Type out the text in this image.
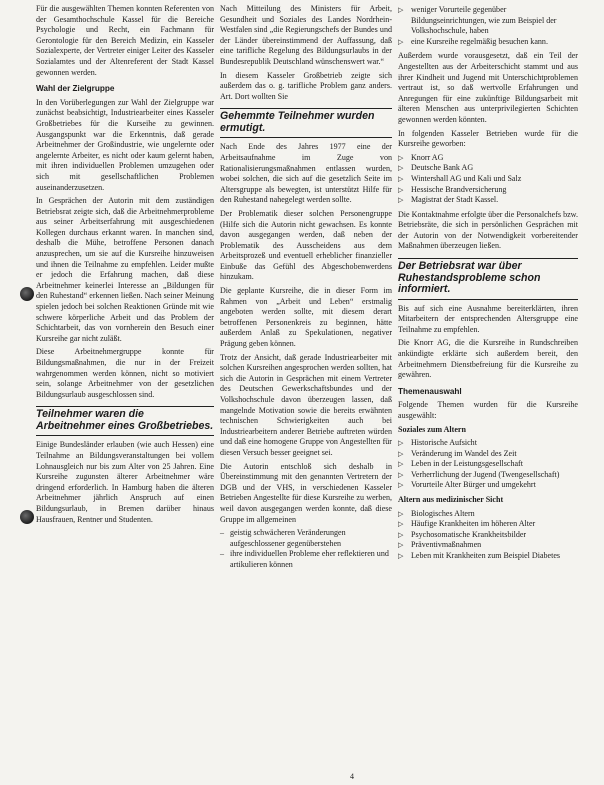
Für die ausgewählten Themen konnten Referenten von der Gesamthochschule Kassel für die Bereiche Psychologie und Recht, ein Fachmann für Gerontologie für den Bereich Medizin, ein Kasseler Sozialexperte, der Vertreter einiger Leiter des Kasseler Sozialamtes und der Altenreferent der Stadt Kassel gewonnen werden.

Wahl der Zielgruppe

In den Vorüberlegungen zur Wahl der Zielgruppe war zunächst beabsichtigt, Industriearbeiter eines Kasseler Großbetriebes für die Kurseihe zu gewinnen. Ausgangspunkt war die Erkenntnis, daß gerade Arbeitnehmer der Großindustrie, wie ungelernte oder angelernte Arbeiter, es nicht oder kaum gelernt haben, mit ihren individuellen Problemen umzugehen oder sich mit gesellschaftlichen Problemen auseinanderzusetzen.

In Gesprächen der Autorin mit dem zuständigen Betriebsrat zeigte sich, daß die Arbeitnehmerprobleme aus seiner Arbeitserfahrung mit ausgeschiedenen Kollegen durchaus erkannt waren. In manchen sind, deshalb die Mühe, betroffene Personen danach anzusprechen, um sie auf die Kursreihe hinzuweisen und ihnen die Teilnahme zu empfehlen. Leider mußte er jedoch die Erfahrung machen, daß diese Arbeitnehmer keinerlei Interesse an „Bildungen für den Ruhestand“ erkennen ließen. Nach seiner Meinung spielen jedoch bei solchen Reaktionen Gründe mit wie schwere körperliche Arbeit und das Problem der Schichtarbeit, das von vornherein den Besuch einer Kursreihe gar nicht zuläßt.

Diese Arbeitnehmergruppe konnte für Bildungsmaßnahmen, die nur in der Freizeit wahrgenommen werden können, nicht so motiviert sein, solange Arbeitnehmer von der gesetzlichen Bildungsurlaub ausgeschlossen sind.

Teilnehmer waren die Arbeitnehmer eines Großbetriebes.

Einige Bundesländer erlauben (wie auch Hessen) eine Teilnahme an Bildungsveranstaltungen bei vollem Lohnausgleich nur bis zum Alter von 25 Jahren. Eine Kursreihe zugunsten älterer Arbeitnehmer wäre dringend erforderlich. In Hamburg haben die älteren Arbeitnehmer jährlich Anspruch auf einen Bildungsurlaub, in Bremen darüber hinaus Hausfrauen, Rentner und Studenten.

Nach Mitteilung des Ministers für Arbeit, Gesundheit und Soziales des Landes Nordrhein-Westfalen sind „die Regierungschefs der Bundes und der Länder übereinstimmend der Auffassung, daß eine tarifliche Regelung des Bildungsurlaubs in der Bundesrepublik Deutschland wünschenswert war.“

In diesem Kasseler Großbetrieb zeigte sich außerdem das o. g. tarifliche Problem ganz anders. Art. Dort wollten Sie

Gehemmte Teilnehmer wurden ermutigt.

Nach Ende des Jahres 1977 eine der Arbeitsaufnahme im Zuge von Rationalisierungsmaßnahmen entlassen wurden, wobei solchen, die sich auf die gesetzlich Seite im Altersgruppe als bewegten, ist unterstützt Hilfe für den Ruhestand nahegelegt werden sollte.

Der Problematik dieser solchen Personengruppe (Hilfe sich die Autorin nicht gewachsen. Es konnte davon ausgegangen werden, daß neben der Problematik des Ausscheidens aus dem Arbeitsprozeß und eventuell erheblicher finanzieller Einbuße das Gefühl des Abgeschobenwerdens hinzukam.

Die geplante Kursreihe, die in dieser Form im Rahmen von „Arbeit und Leben“ erstmalig angeboten werden sollte, mit diesem derart betroffenen Personenkreis zu beginnen, hätte außerdem Anlaß zu Spekulationen, negativer Prägung geben können.

Trotz der Ansicht, daß gerade Industriearbeiter mit solchen Kursreihen angesprochen werden sollten, hat sich die Autorin in Gesprächen mit einem Vertreter des Deutschen Gewerkschaftsbundes und der Volkshochschule davon überzeugen lassen, daß mangelnde Motivation sowie die bereits erwähnten technischen Schwierigkeiten auch bei Industriearbeitern anderer Betriebe auftreten würden und daß eine homogene Gruppe von Angestellten für diesen Versuch besser geeignet sei.

Die Autorin entschloß sich deshalb in Übereinstimmung mit den genannten Vertretern der DGB und der VHS, in verschiedenen Kasseler Betrieben Angestellte für diese Kursreihe zu werben, weil davon ausgegangen werden konnte, daß diese Gruppe im allgemeinen

– geistig schwächeren Veränderungen aufgeschlossener gegenüberstehen
– ihre individuellen Probleme eher reflektieren und artikulieren können
▷ weniger Vorurteile gegenüber Bildungseinrichtungen, wie zum Beispiel der Volkshochschule, haben
▷ eine Kursreihe regelmäßig besuchen kann.

Außerdem wurde vorausgesetzt, daß ein Teil der Angestellten aus der Arbeiterschicht stammt und aus ihrer Kindheit und Jugend mit Unterschichtproblemen vertraut ist, so daß wertvolle Erfahrungen und Anregungen für eine zukünftige Bildungsarbeit mit älteren Menschen aus unterprivilegierten Schichten gewonnen werden könnten.

In folgenden Kasseler Betrieben wurde für die Kursreihe geworben:

▷ Knorr AG
▷ Deutsche Bank AG
▷ Wintershall AG und Kali und Salz
▷ Hessische Brandversicherung
▷ Magistrat der Stadt Kassel.

Die Kontaktnahme erfolgte über die Personalchefs bzw. Betriebsräte, die sich in persönlichen Gesprächen mit der Autorin von der Notwendigkeit vorbereitender Maßnahmen überzeugen ließen.

Der Betriebsrat war über Ruhestandsprobleme schon informiert.

Bis auf sich eine Ausnahme bereiterklärten, ihren Mitarbeitern der entsprechenden Altersgruppe eine Teilnahme zu empfehlen.

Die Knorr AG, die die Kursreihe in Rundschreiben ankündigte erklärte sich außerdem bereit, den Arbeitnehmern Dienstbefreiung für die Kursreihe zu gewähren.

Themenauswahl

Folgende Themen wurden für die Kursreihe ausgewählt:

Soziales zum Altern

▷ Historische Aufsicht
▷ Veränderung im Wandel des Zeit
▷ Leben in der Leistungsgesellschaft
▷ Verherrlichung der Jugend (Twengesellschaft)
▷ Vorurteile Alter Bürger und umgekehrt

Altern aus medizinischer Sicht

▷ Biologisches Altern
▷ Häufige Krankheiten im höheren Alter
▷ Psychosomatische Krankheitsbilder
▷ Präventivmaßnahmen
▷ Leben mit Krankheiten zum Beispiel Diabetes
4
